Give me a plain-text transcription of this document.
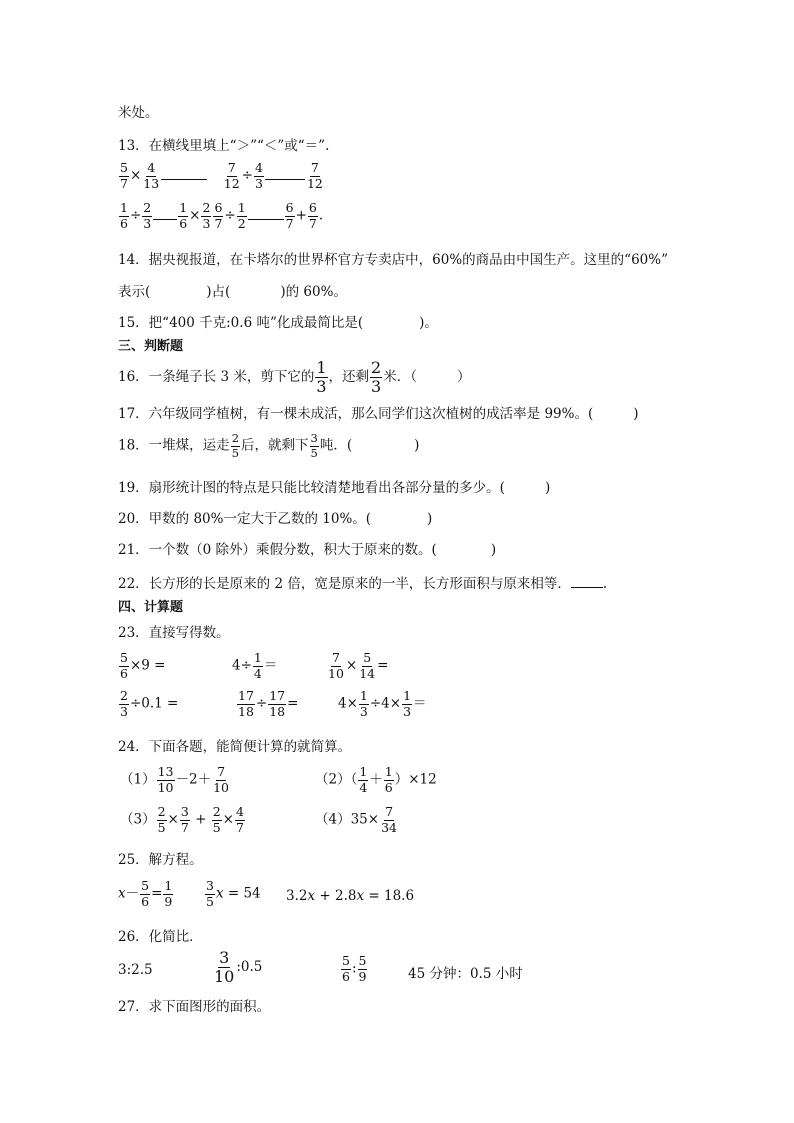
米处。
13．在横线里填上“＞”“＜”或“＝”.
$\frac{5}{7} \times \frac{4}{13}$
	$\frac{7}{12} \div \frac{4}{3}$	$\frac{7}{12}$
$\frac{1}{6} \div \frac{2}{3} \frac{1}{6} \times \frac{2}{3} \frac{6}{7} \div \frac{1}{2}$	$\frac{6}{7} + \frac{6}{7}$ .
14．据央视报道，在卡塔尔的世界杯官方专卖店中，60%的商品由中国生产。这里的“60%”
表示(	)占(	)的 60%。
15．把“400 千克:0.6 吨”化成最简比是(	)。
三、判断题
16．一条绳子长 3 米，剪下它的 $\frac{1}{3}$ ，还剩 $\frac{2}{3}$ 米．（	）
17．六年级同学植树，有一棵未成活，那么同学们这次植树的成活率是 99%。(	)
18．一堆煤，运走 $\frac{2}{5}$ 后，就剩下 $\frac{3}{5}$ 吨．(	)
19．扇形统计图的特点是只能比较清楚地看出各部分量的多少。(	)
20．甲数的 80%一定大于乙数的 10%。(	)
21．一个数（0 除外）乘假分数，积大于原来的数。(	)
22．长方形的长是原来的 2 倍，宽是原来的一半，长方形面积与原来相等． ．
四、计算题
23．直接写得数。
$\frac{5}{6} \times 9$ =	$4\div \frac{1}{4}$ ＝	$\frac{7}{10} \times \frac{5}{14}$ =
$\frac{2}{3} \div 0.1$ =	$\frac{17}{18} \div \frac{17}{18}$ =	$4\times \frac{1}{3} \div 4\times \frac{1}{3}$ ＝
24．下面各题，能简便计算的就简算。
$(1) \frac{13}{10} -2+ \frac{7}{10}$	$(2)( \frac{1}{4} + \frac{1}{6} )\times 12$
$(3) \frac{2}{5} \times \frac{3}{7} + \frac{2}{5} \times \frac{4}{7}$	$(4)35\times \frac{7}{34}$
25．解方程。
$x- \frac{5}{6} = \frac{1}{9}$	$\frac{3}{5}$ x = 54 3.2x + 2.8x = 18.6
26．化简比．
3:2.5	$\frac{3}{10}$ :0.5	$\frac{5}{6}$ : $\frac{5}{9}$	45 分钟：0.5 小时
27．求下面图形的面积。
